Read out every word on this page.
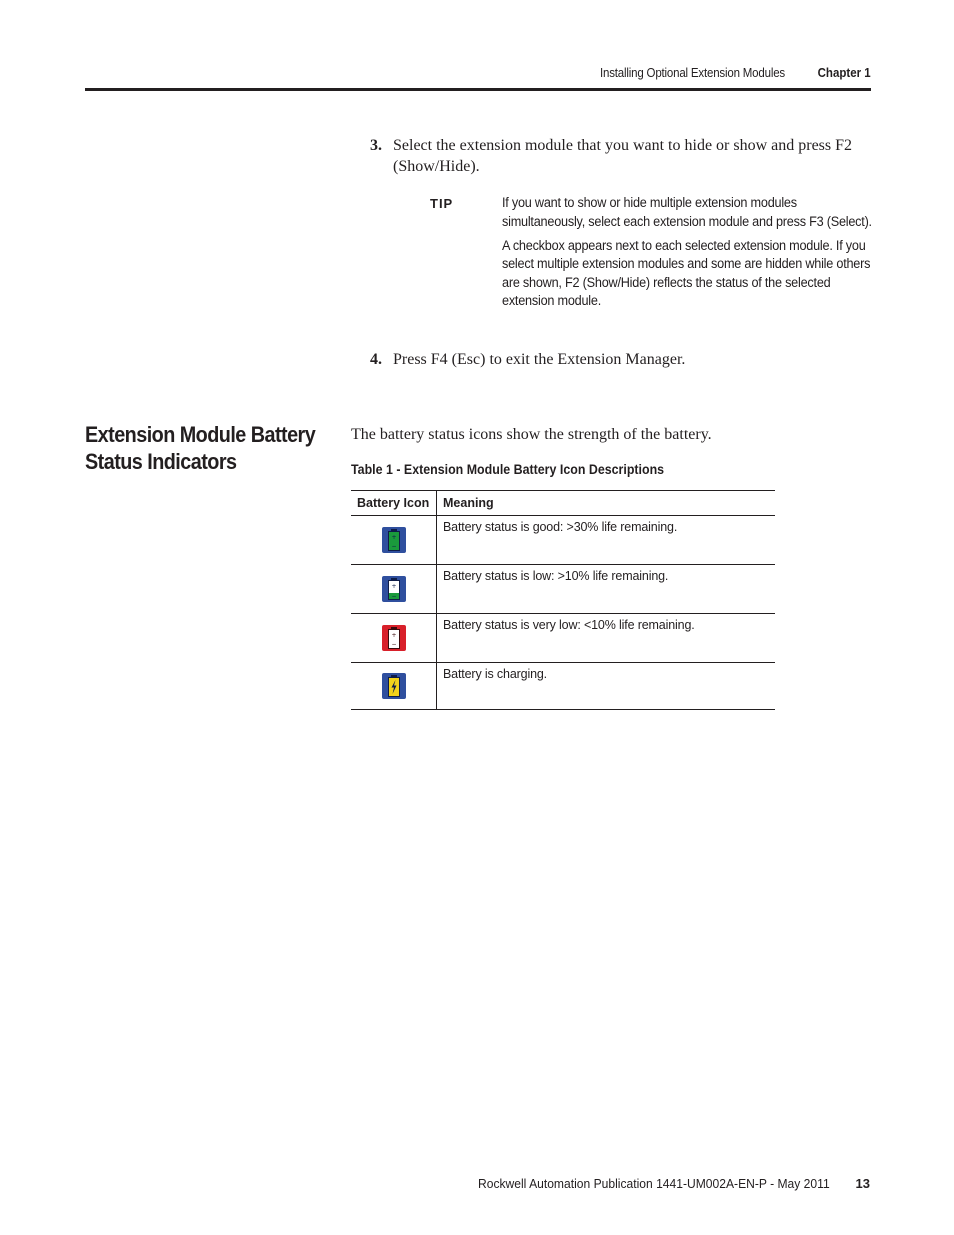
Installing Optional Extension Modules	Chapter 1
3. Select the extension module that you want to hide or show and press F2 (Show/Hide).
TIP	If you want to show or hide multiple extension modules simultaneously, select each extension module and press F3 (Select).

A checkbox appears next to each selected extension module. If you select multiple extension modules and some are hidden while others are shown, F2 (Show/Hide) reflects the status of the selected extension module.

4. Press F4 (Esc) to exit the Extension Manager.
Extension Module Battery Status Indicators
The battery status icons show the strength of the battery.
Table 1 - Extension Module Battery Icon Descriptions
Battery Icon	Meaning

+
−	Battery status is good: >30% life remaining.

+
−	Battery status is low: >10% life remaining.

+
−	Battery status is very low: <10% life remaining.

	Battery is charging.
Rockwell Automation Publication 1441-UM002A-EN-P - May 2011 13
